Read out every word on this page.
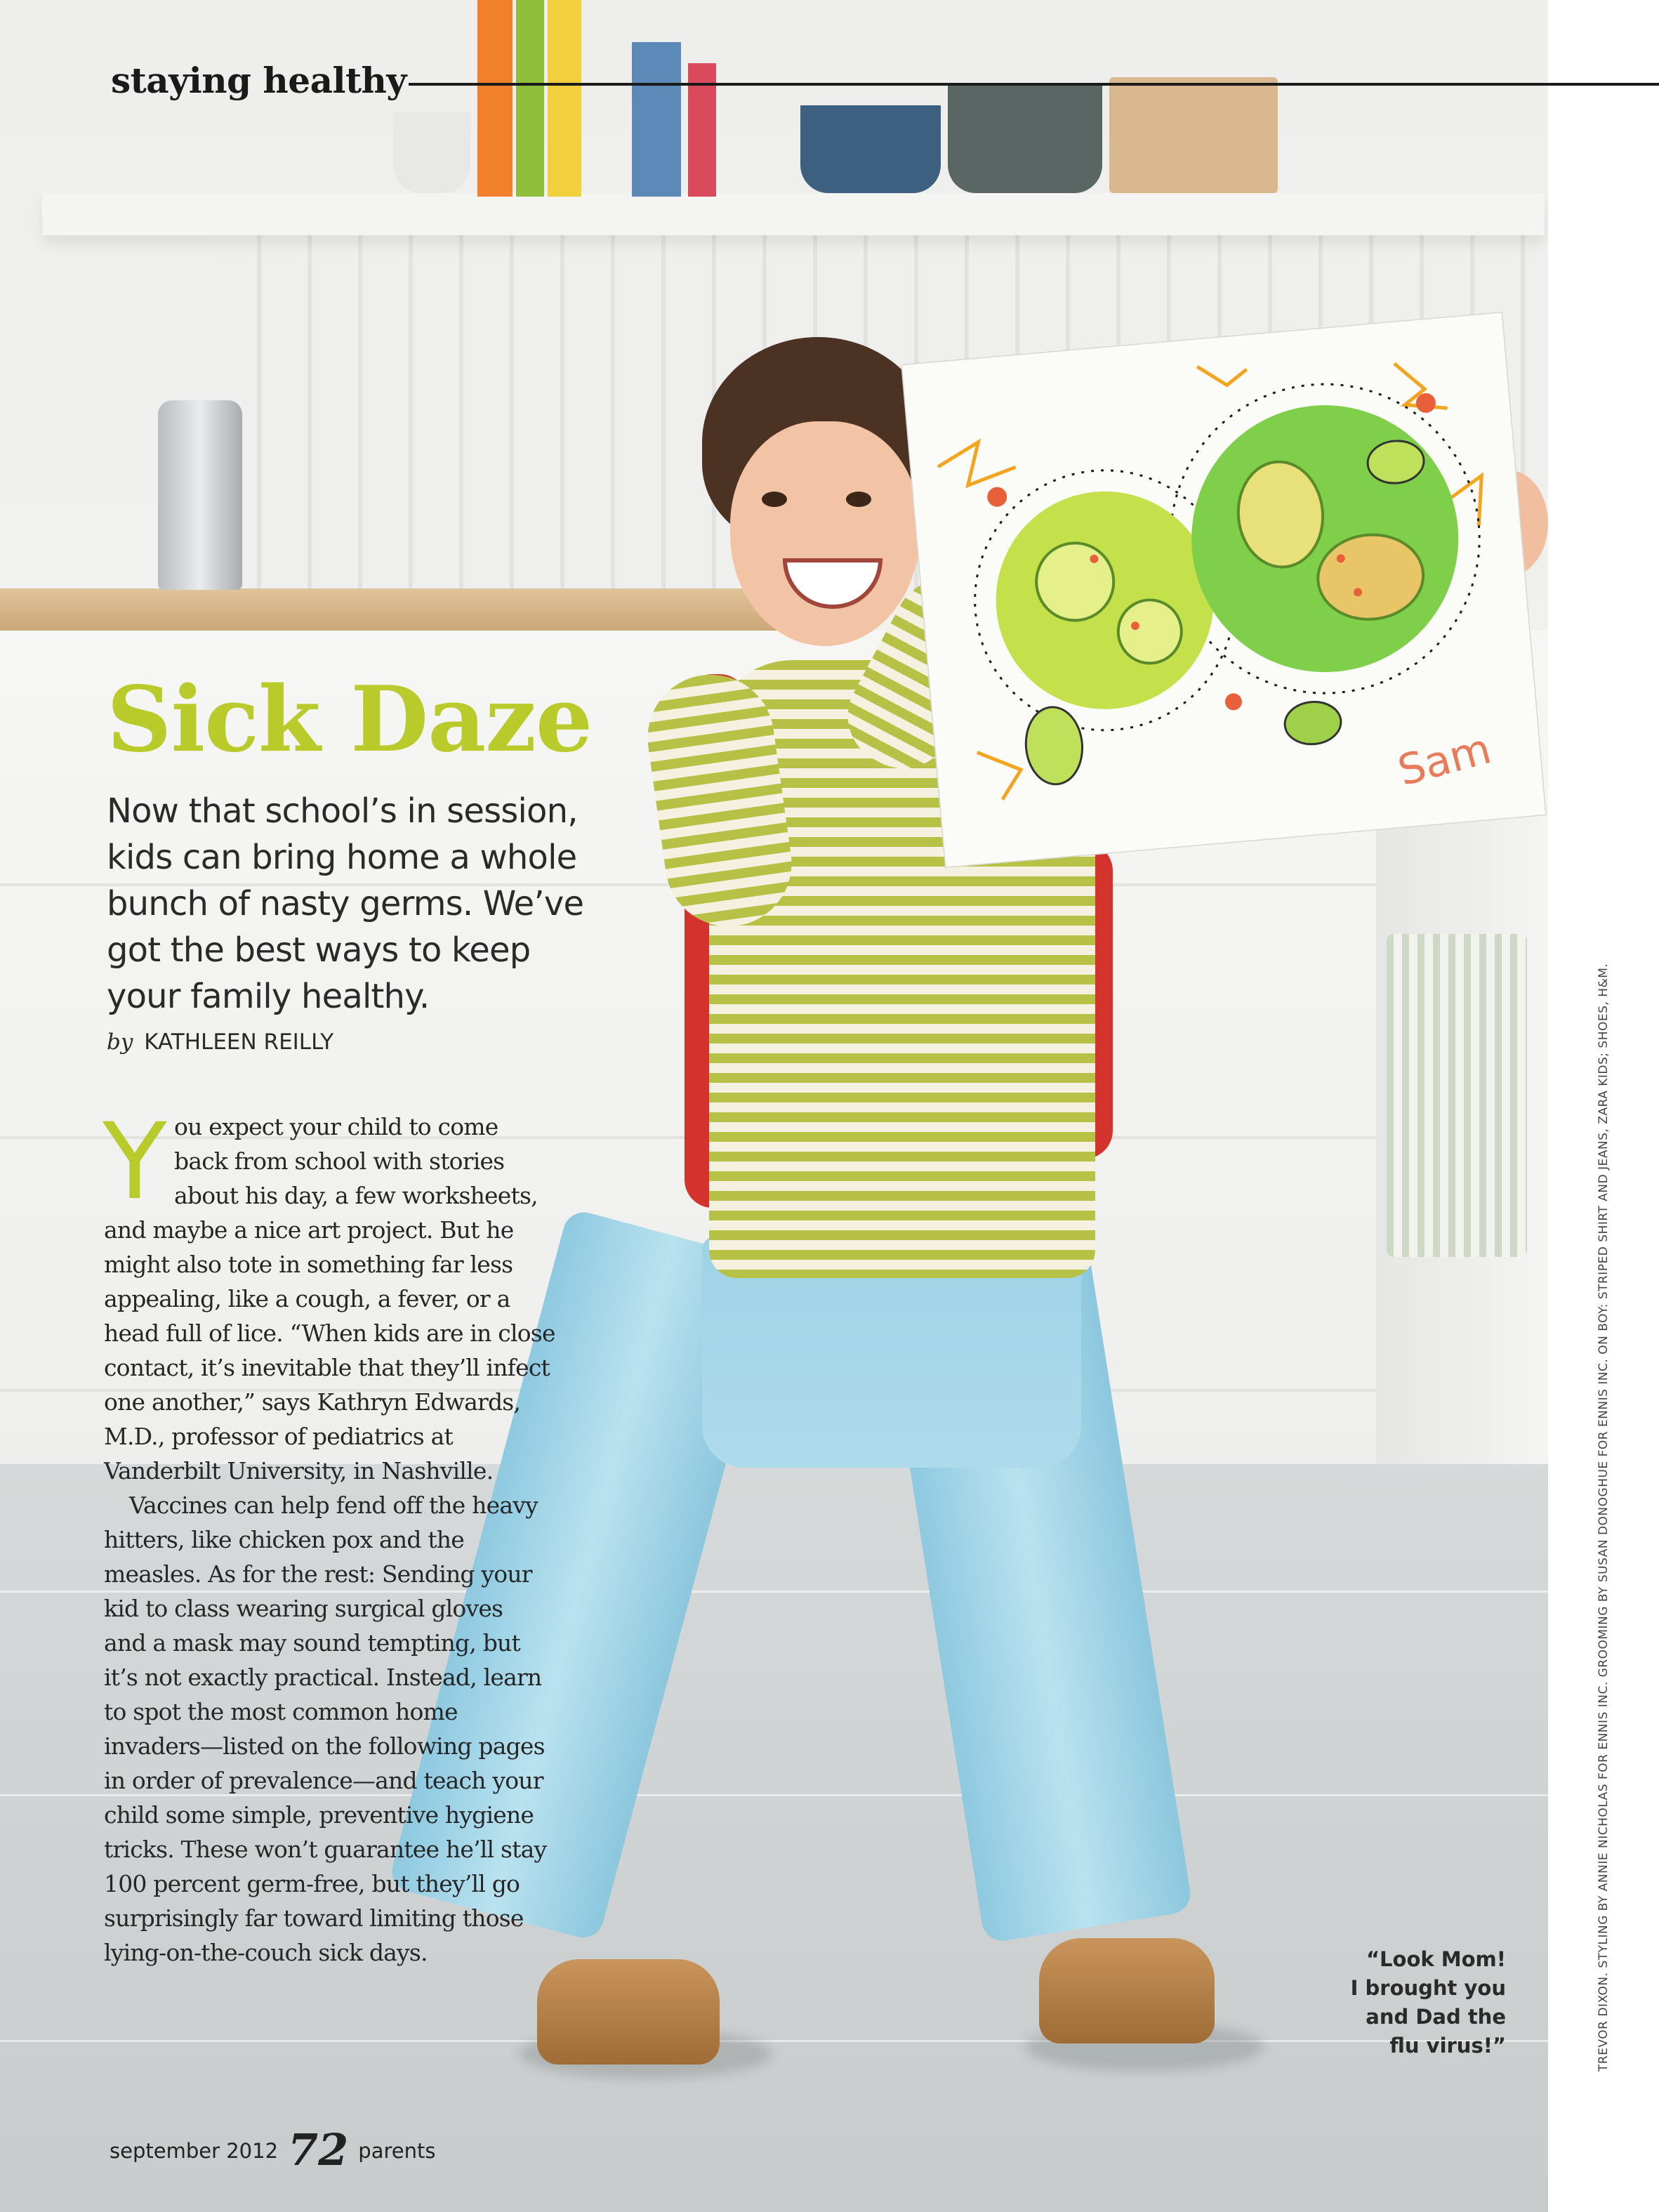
Sam
staying healthy
Sick Daze
Now that school’s in session,
kids can bring home a whole
bunch of nasty germs. We’ve
got the best ways to keep
your family healthy.
by KATHLEEN REILLY
Y ou expect your child to come
back from school with stories
about his day, a few worksheets,
and maybe a nice art project. But he
might also tote in something far less
appealing, like a cough, a fever, or a
head full of lice. “When kids are in close
contact, it’s inevitable that they’ll infect
one another,” says Kathryn Edwards,
M.D., professor of pediatrics at
Vanderbilt University, in Nashville.
Vaccines can help fend off the heavy
hitters, like chicken pox and the
measles. As for the rest: Sending your
kid to class wearing surgical gloves
and a mask may sound tempting, but
it’s not exactly practical. Instead, learn
to spot the most common home
invaders—listed on the following pages
in order of prevalence—and teach your
child some simple, preventive hygiene
tricks. These won’t guarantee he’ll stay
100 percent germ-free, but they’ll go
surprisingly far toward limiting those
lying-on-the-couch sick days.	“Look Mom!
I brought you
and Dad the
flu virus!”	TREVOR DIXON. STYLING BY ANNIE NICHOLAS FOR ENNIS INC. GROOMING BY SUSAN DONOGHUE FOR ENNIS INC. ON BOY: STRIPED SHIRT AND JEANS, ZARA KIDS; SHOES, H&M.
september 2012 72 parents
